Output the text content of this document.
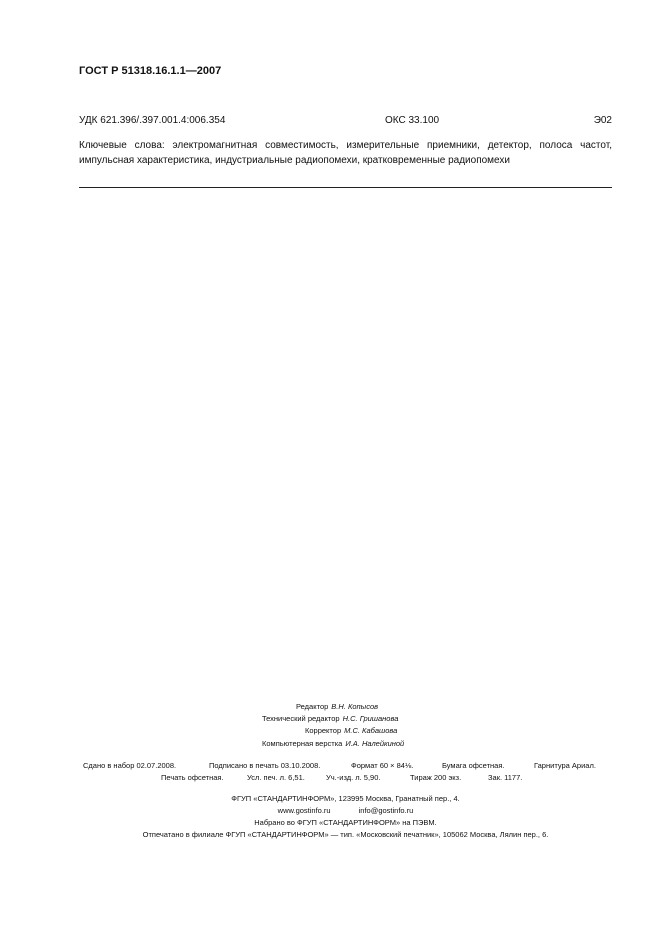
ГОСТ Р 51318.16.1.1—2007
УДК 621.396/.397.001.4:006.354	ОКС 33.100	Э02
Ключевые слова: электромагнитная совместимость, измерительные приемники, детектор, полоса частот, импульсная характеристика, индустриальные радиопомехи, кратковременные радиопомехи
Редактор В.Н. Копысов
Технический редактор Н.С. Гришанова
Корректор М.С. Кабашова
Компьютерная верстка И.А. Налейкиной
Сдано в набор 02.07.2008.	Подписано в печать 03.10.2008.	Формат 60 × 84⅛.	Бумага офсетная.	Гарнитура Ариал.
Печать офсетная.	Усл. печ. л. 6,51.	Уч.-изд. л. 5,90.	Тираж 200 экз.	Зак. 1177.
ФГУП «СТАНДАРТИНФОРМ», 123995 Москва, Гранатный пер., 4.
www.gostinfo.ru	info@gostinfo.ru
Набрано во ФГУП «СТАНДАРТИНФОРМ» на ПЭВМ.
Отпечатано в филиале ФГУП «СТАНДАРТИНФОРМ» — тип. «Московский печатник», 105062 Москва, Лялин пер., 6.
